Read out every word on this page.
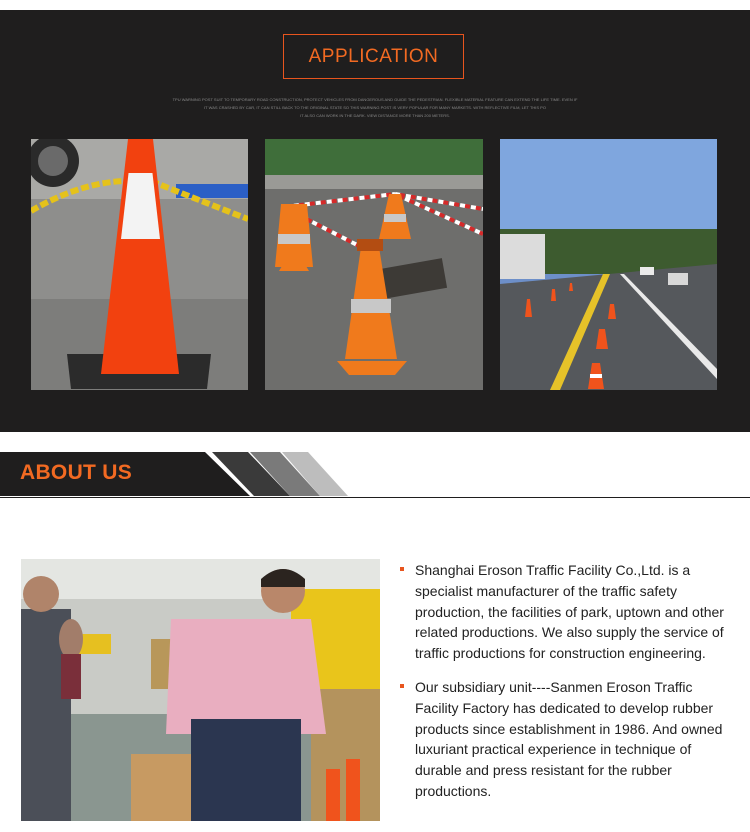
APPLICATION
TPU WARNING POST SUIT TO TEMPORARY ROAD CONSTRUCTION, PROTECT VEHICLES FROM DANGEROUS AND GUIDE THE PEDESTRIAN. FLEXIBLE MATERIAL FEATURE CAN EXTEND THE LIFE TIME. EVEN IF
IT WAS CRASHED BY CAR, IT CAN STILL BACK TO THE ORIGINAL STATE SO THIS WARNING POST IS VERY POPULAR FOR MANY MARKETS. WITH REFLECTIVE FILM, LET THIS PO
IT ALSO CAN WORK IN THE DARK. VIEW DISTANCE MORE THAN 200 METERS.
ABOUT US
Shanghai Eroson Traffic Facility Co.,Ltd. is a specialist manufacturer of the traffic safety production, the facilities of park, uptown and other related productions. We also supply the service of traffic productions for construction engineering.
Our subsidiary unit----Sanmen Eroson Traffic Facility Factory has dedicated to develop rubber products since establishment in 1986. And owned luxuriant practical experience in technique of durable and press resistant for the rubber productions.
